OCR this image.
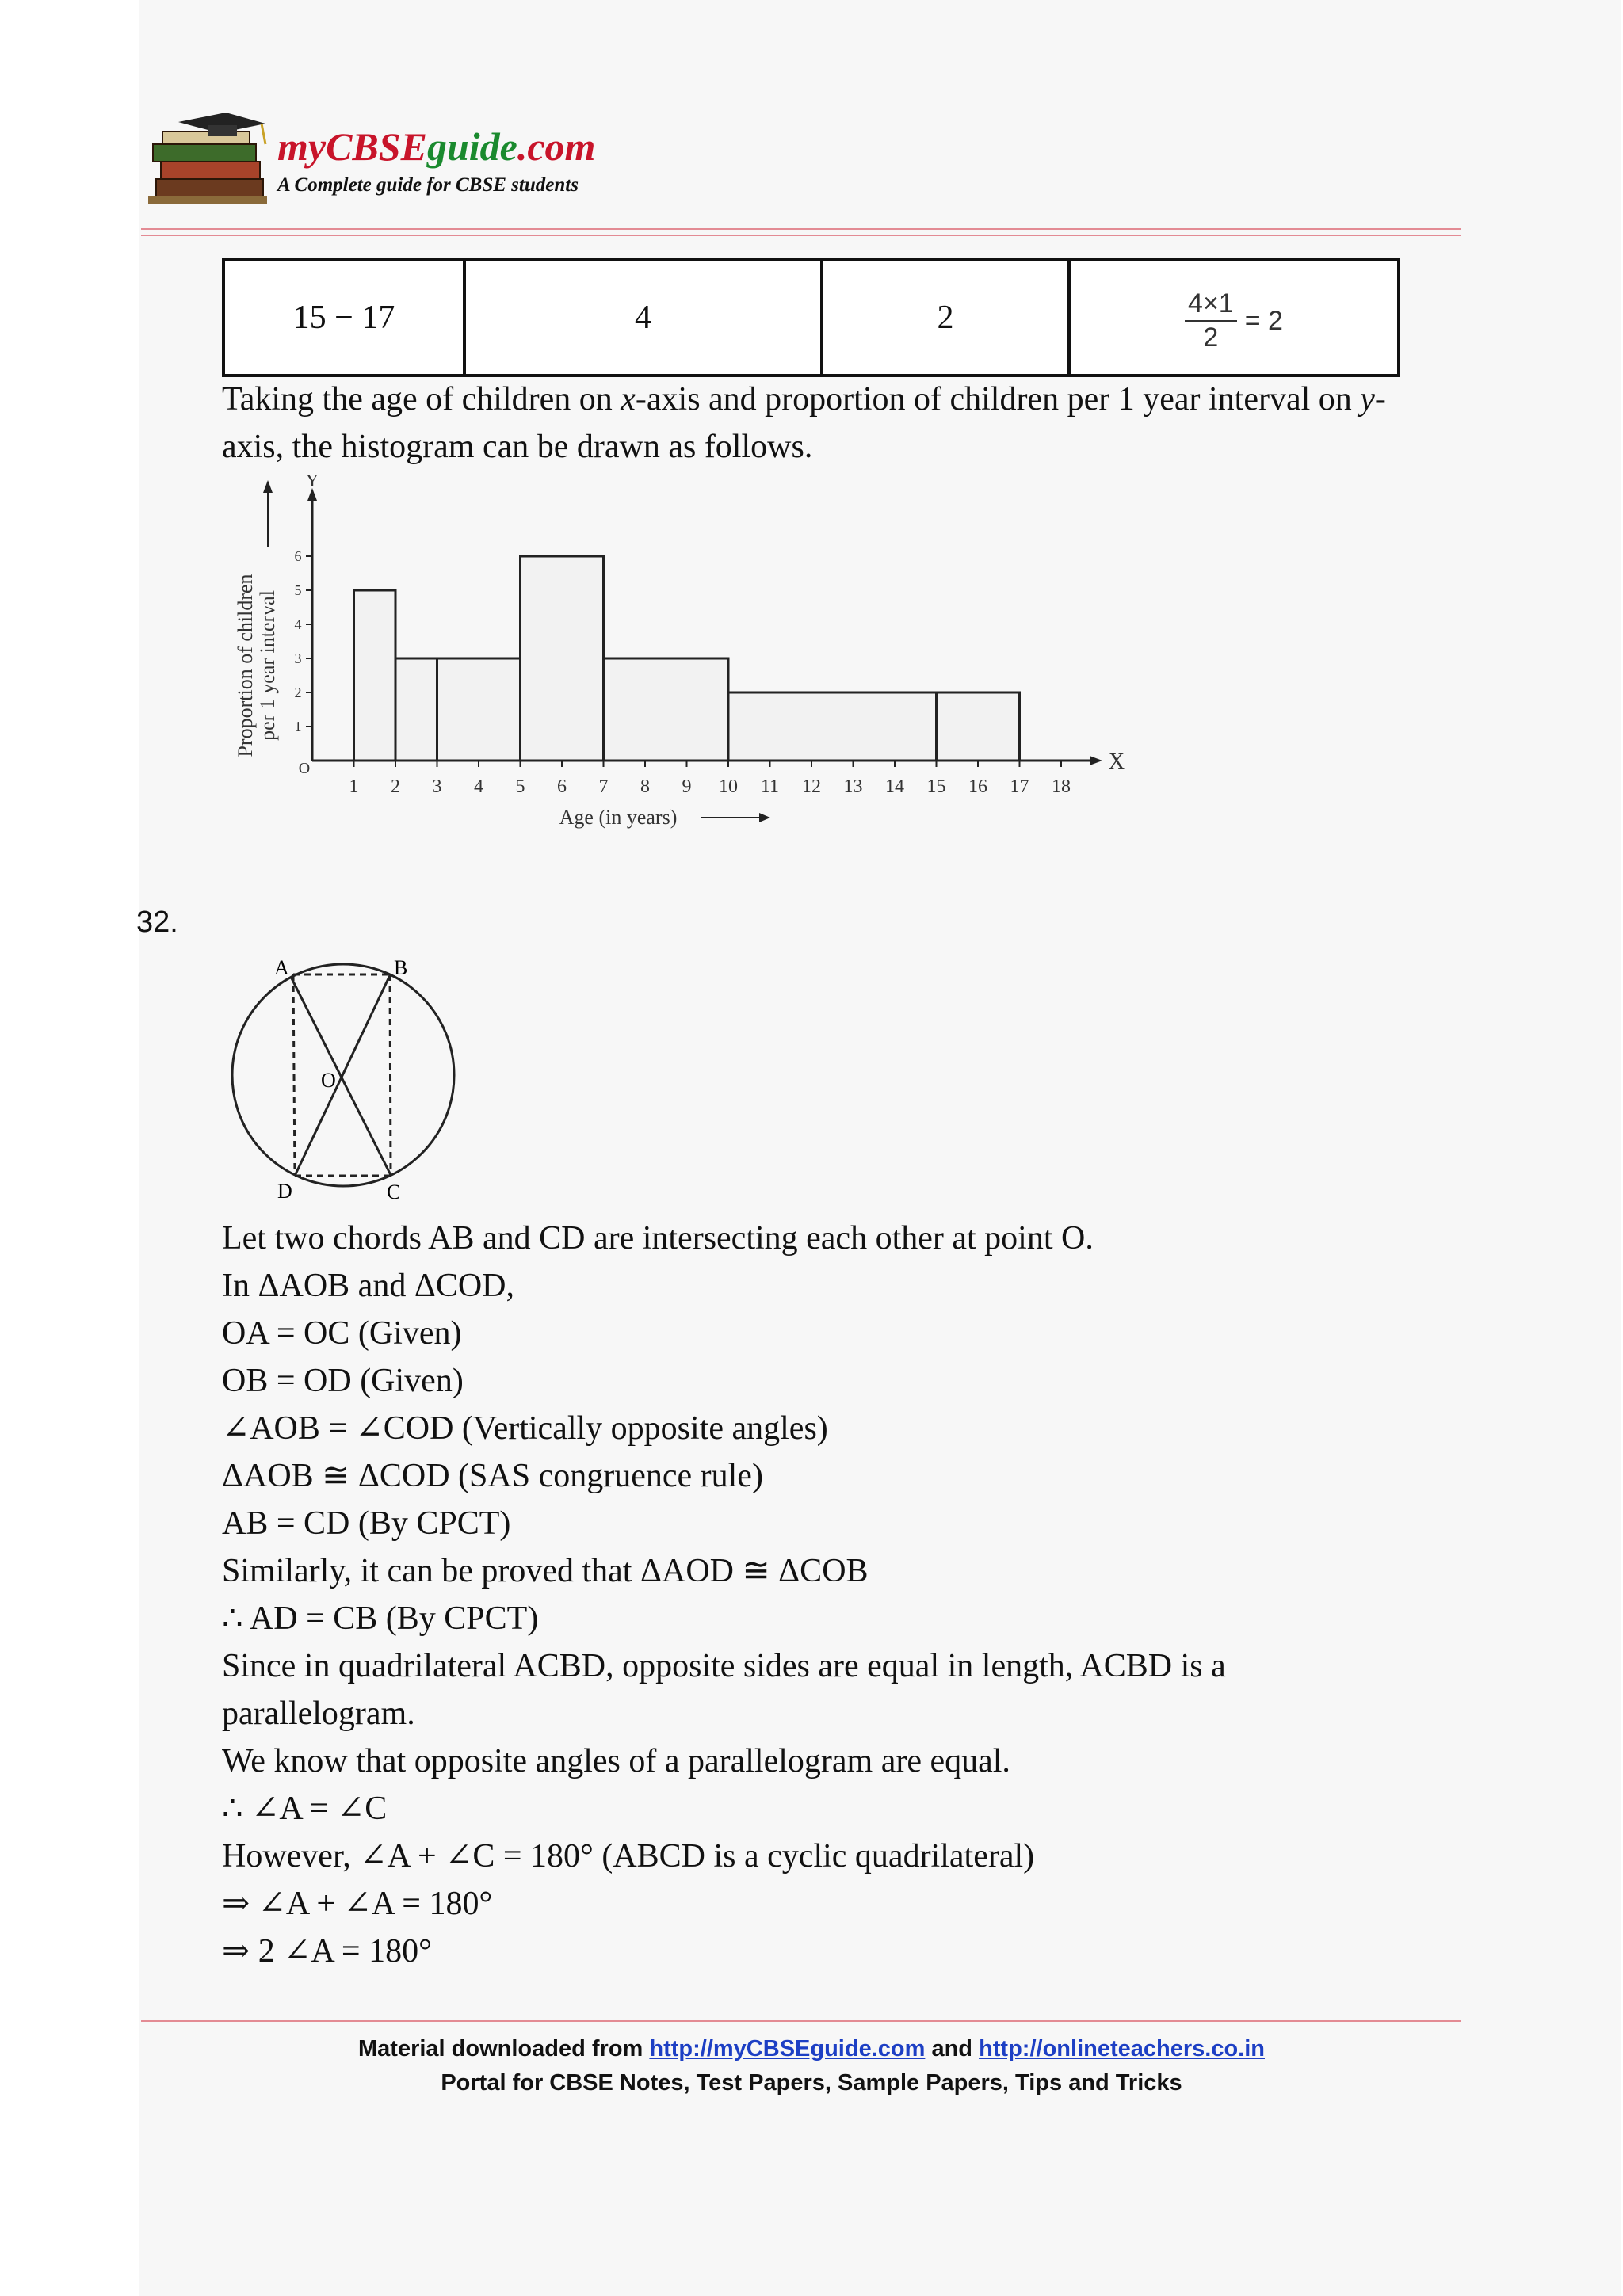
myCBSEguide.com
A Complete guide for CBSE students
15 − 17	4	2	$\frac{4\times 1}{2} = 2$
Taking the age of children on x-axis and proportion of children per 1 year interval on y-
axis, the histogram can be drawn as follows.
X
Y
O
1 2 3 4 5 6 7 8 9 10 11 12 13 14 15 16 17 18
1
2
3
4
5
6
Age (in years)
Proportion of children per 1 year interval
32.
A	B
O
D	C
Let two chords AB and CD are intersecting each other at point O.
In ΔAOB and ΔCOD,
OA = OC (Given)
OB = OD (Given)
∠AOB = ∠COD (Vertically opposite angles)
ΔAOB ≅ ΔCOD (SAS congruence rule)
AB = CD (By CPCT)
Similarly, it can be proved that ΔAOD ≅ ΔCOB
∴ AD = CB (By CPCT)
Since in quadrilateral ACBD, opposite sides are equal in length, ACBD is a
parallelogram.
We know that opposite angles of a parallelogram are equal.
∴ ∠A = ∠C
However, ∠A + ∠C = 180° (ABCD is a cyclic quadrilateral)
⇒ ∠A + ∠A = 180°
⇒ 2 ∠A = 180°
Material downloaded from http://myCBSEguide.com and http://onlineteachers.co.in
Portal for CBSE Notes, Test Papers, Sample Papers, Tips and Tricks
